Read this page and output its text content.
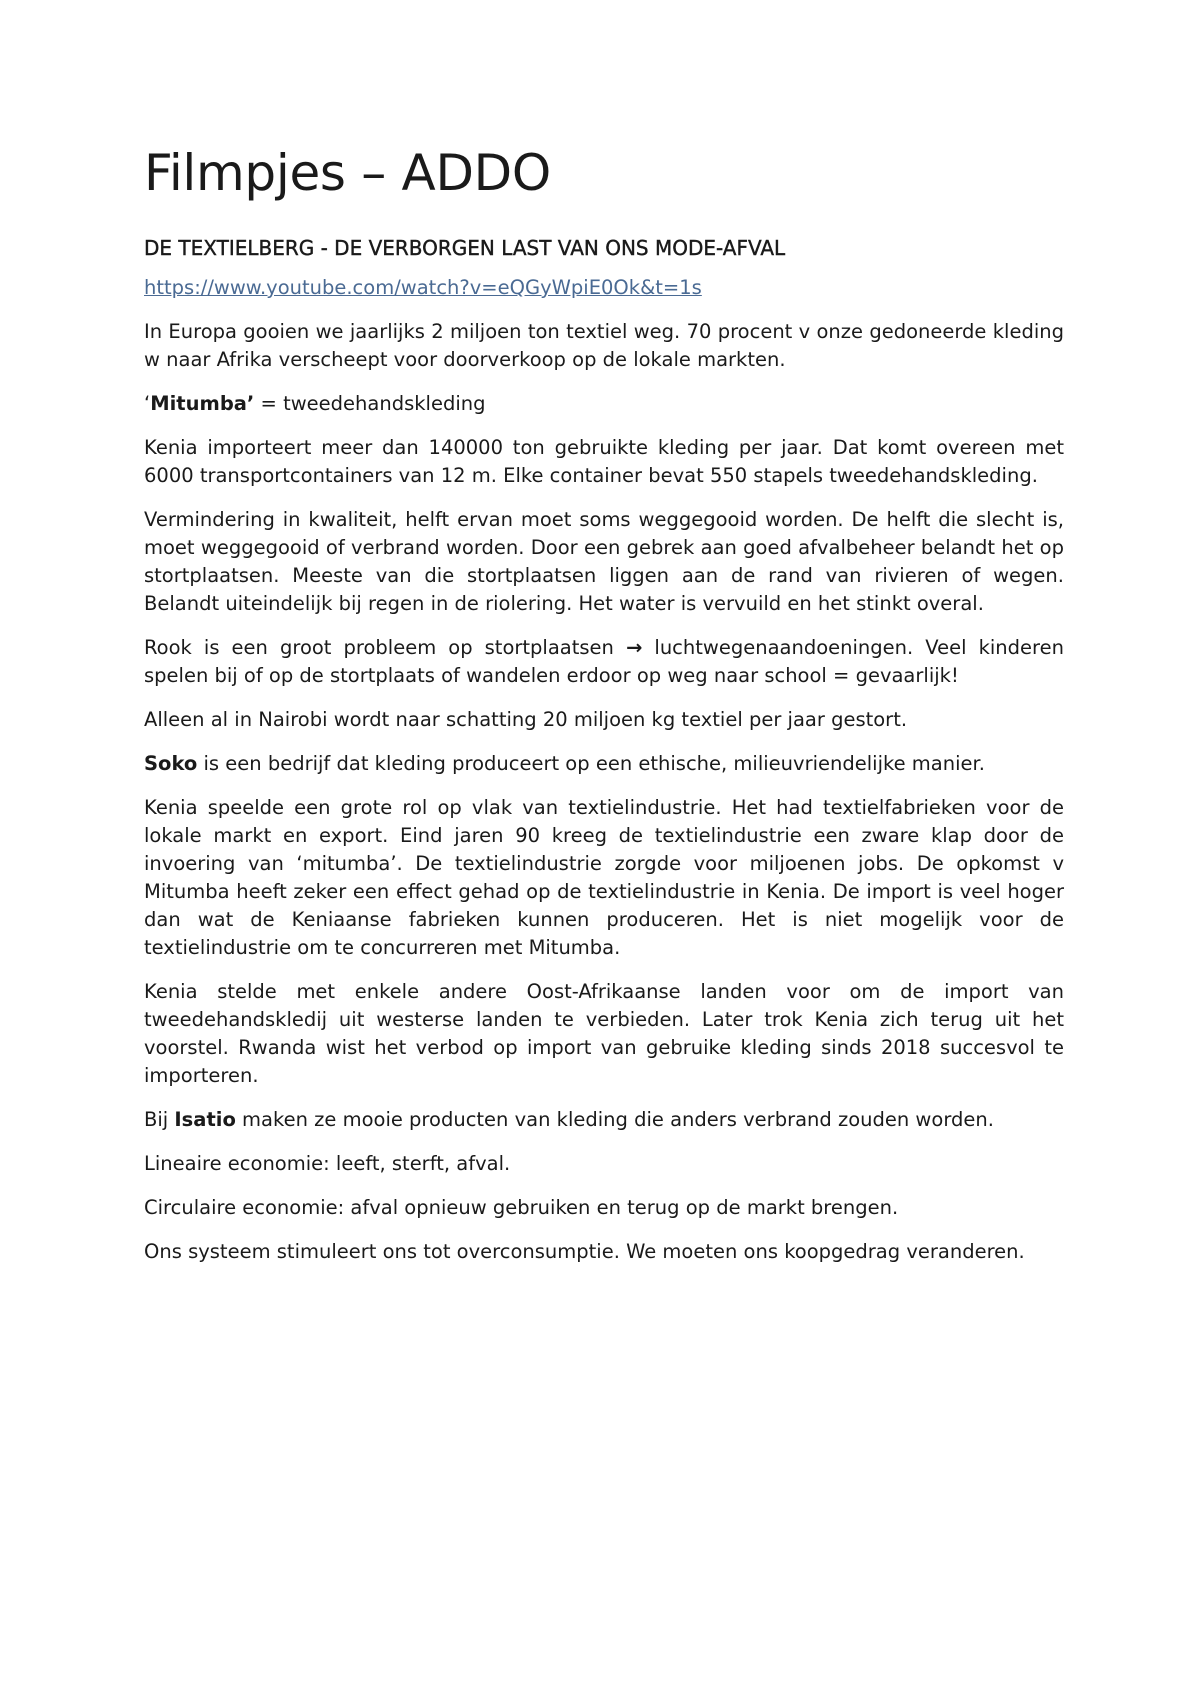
Filmpjes – ADDO
DE TEXTIELBERG - DE VERBORGEN LAST VAN ONS MODE-AFVAL
https://www.youtube.com/watch?v=eQGyWpiE0Ok&t=1s

In Europa gooien we jaarlijks 2 miljoen ton textiel weg. 70 procent v onze gedoneerde kleding w naar Afrika verscheept voor doorverkoop op de lokale markten.

‘Mitumba’ = tweedehandskleding

Kenia importeert meer dan 140000 ton gebruikte kleding per jaar. Dat komt overeen met 6000 transportcontainers van 12 m. Elke container bevat 550 stapels tweedehandskleding.

Vermindering in kwaliteit, helft ervan moet soms weggegooid worden. De helft die slecht is, moet weggegooid of verbrand worden. Door een gebrek aan goed afvalbeheer belandt het op stortplaatsen. Meeste van die stortplaatsen liggen aan de rand van rivieren of wegen. Belandt uiteindelijk bij regen in de riolering. Het water is vervuild en het stinkt overal.

Rook is een groot probleem op stortplaatsen → luchtwegenaandoeningen. Veel kinderen spelen bij of op de stortplaats of wandelen erdoor op weg naar school = gevaarlijk!

Alleen al in Nairobi wordt naar schatting 20 miljoen kg textiel per jaar gestort.

Soko is een bedrijf dat kleding produceert op een ethische, milieuvriendelijke manier.

Kenia speelde een grote rol op vlak van textielindustrie. Het had textielfabrieken voor de lokale markt en export. Eind jaren 90 kreeg de textielindustrie een zware klap door de invoering van ‘mitumba’. De textielindustrie zorgde voor miljoenen jobs. De opkomst v Mitumba heeft zeker een effect gehad op de textielindustrie in Kenia. De import is veel hoger dan wat de Keniaanse fabrieken kunnen produceren. Het is niet mogelijk voor de textielindustrie om te concurreren met Mitumba.

Kenia stelde met enkele andere Oost-Afrikaanse landen voor om de import van tweedehandskledij uit westerse landen te verbieden. Later trok Kenia zich terug uit het voorstel. Rwanda wist het verbod op import van gebruike kleding sinds 2018 succesvol te importeren.

Bij Isatio maken ze mooie producten van kleding die anders verbrand zouden worden.

Lineaire economie: leeft, sterft, afval.

Circulaire economie: afval opnieuw gebruiken en terug op de markt brengen.

Ons systeem stimuleert ons tot overconsumptie. We moeten ons koopgedrag veranderen.
